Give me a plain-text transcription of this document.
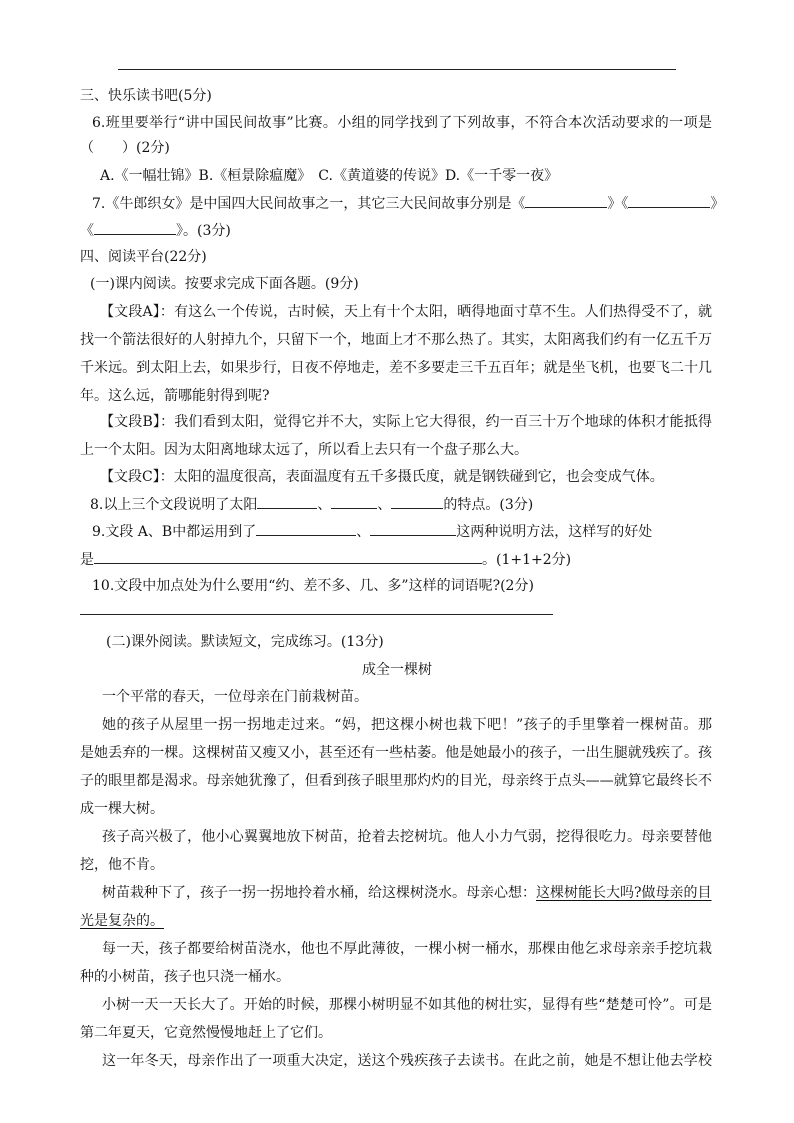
三、快乐读书吧(5分)
6.班里要举行“讲中国民间故事”比赛。小组的同学找到了下列故事，不符合本次活动要求的一项是
（　　）(2分)
A.《一幅壮锦》B.《桓景除瘟魔》　C.《黄道婆的传说》D.《一千零一夜》
7.《牛郎织女》是中国四大民间故事之一，其它三大民间故事分别是《	》《	》
《	》。(3分)
四、阅读平台(22分)
(一)课内阅读。按要求完成下面各题。(9分)
【文段A】：有这么一个传说，古时候，天上有十个太阳，晒得地面寸草不生。人们热得受不了，就
找一个箭法很好的人射掉九个，只留下一个，地面上才不那么热了。其实，太阳离我们约有一亿五千万
千米远。到太阳上去，如果步行，日夜不停地走，差不多要走三千五百年；就是坐飞机，也要飞二十几
年。这么远，箭哪能射得到呢?
【文段B】：我们看到太阳，觉得它并不大，实际上它大得很，约一百三十万个地球的体积才能抵得
上一个太阳。因为太阳离地球太远了，所以看上去只有一个盘子那么大。
【文段C】：太阳的温度很高，表面温度有五千多摄氏度，就是钢铁碰到它，也会变成气体。
8.以上三个文段说明了太阳	、	、	的特点。(3分)
9.文段 A、B中都运用到了	、	这两种说明方法，这样写的好处
是	。(1+1+2分)
10.文段中加点处为什么要用“约、差不多、几、多”这样的词语呢?(2分)
(二)课外阅读。默读短文，完成练习。(13分)
成全一棵树
一个平常的春天，一位母亲在门前栽树苗。
她的孩子从屋里一拐一拐地走过来。“妈，把这棵小树也栽下吧！”孩子的手里擎着一棵树苗。那
是她丢弃的一棵。这棵树苗又瘦又小，甚至还有一些枯萎。他是她最小的孩子，一出生腿就残疾了。孩
子的眼里都是渴求。母亲她犹豫了，但看到孩子眼里那灼灼的目光，母亲终于点头——就算它最终长不
成一棵大树。
孩子高兴极了，他小心翼翼地放下树苗，抢着去挖树坑。他人小力气弱，挖得很吃力。母亲要替他
挖，他不肯。
树苗栽种下了，孩子一拐一拐地拎着水桶，给这棵树浇水。母亲心想：这棵树能长大吗?做母亲的目
光是复杂的。
每一天，孩子都要给树苗浇水，他也不厚此薄彼，一棵小树一桶水，那棵由他乞求母亲亲手挖坑栽
种的小树苗，孩子也只浇一桶水。
小树一天一天长大了。开始的时候，那棵小树明显不如其他的树壮实，显得有些“楚楚可怜”。可是
第二年夏天，它竟然慢慢地赶上了它们。
这一年冬天，母亲作出了一项重大决定，送这个残疾孩子去读书。在此之前，她是不想让他去学校
